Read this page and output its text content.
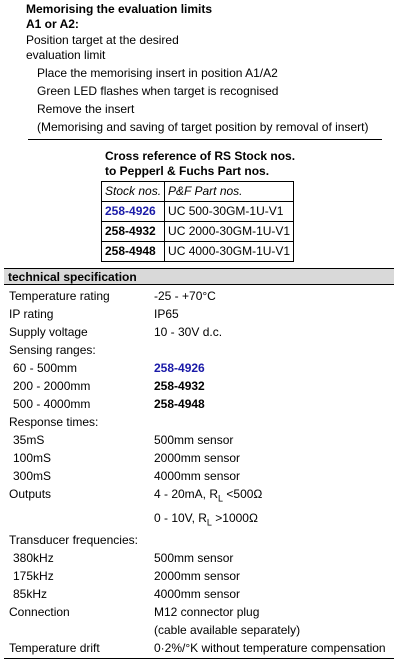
Memorising the evaluation limits
A1 or A2:
Position target at the desired
evaluation limit
Place the memorising insert in position A1/A2
Green LED flashes when target is recognised
Remove the insert
(Memorising and saving of target position by removal of insert)
Cross reference of RS Stock nos.
to Pepperl & Fuchs Part nos.
Stock nos.	P&F Part nos.
258-4926	UC 500-30GM-1U-V1
258-4932	UC 2000-30GM-1U-V1
258-4948	UC 4000-30GM-1U-V1
technical specification
Temperature rating	-25 - +70°C
IP rating	IP65
Supply voltage	10 - 30V d.c.
Sensing ranges:
60 - 500mm	258-4926
200 - 2000mm	258-4932
500 - 4000mm	258-4948
Response times:
35mS	500mm sensor
100mS	2000mm sensor
300mS	4000mm sensor
Outputs	4 - 20mA, $R_L <500\Omega$
0 - 10V, $R_L >1000\Omega$
Transducer frequencies:
380kHz	500mm sensor
175kHz	2000mm sensor
85kHz	4000mm sensor
Connection	M12 connector plug
(cable available separately)
Temperature drift	0·2%/°K without temperature compensation
